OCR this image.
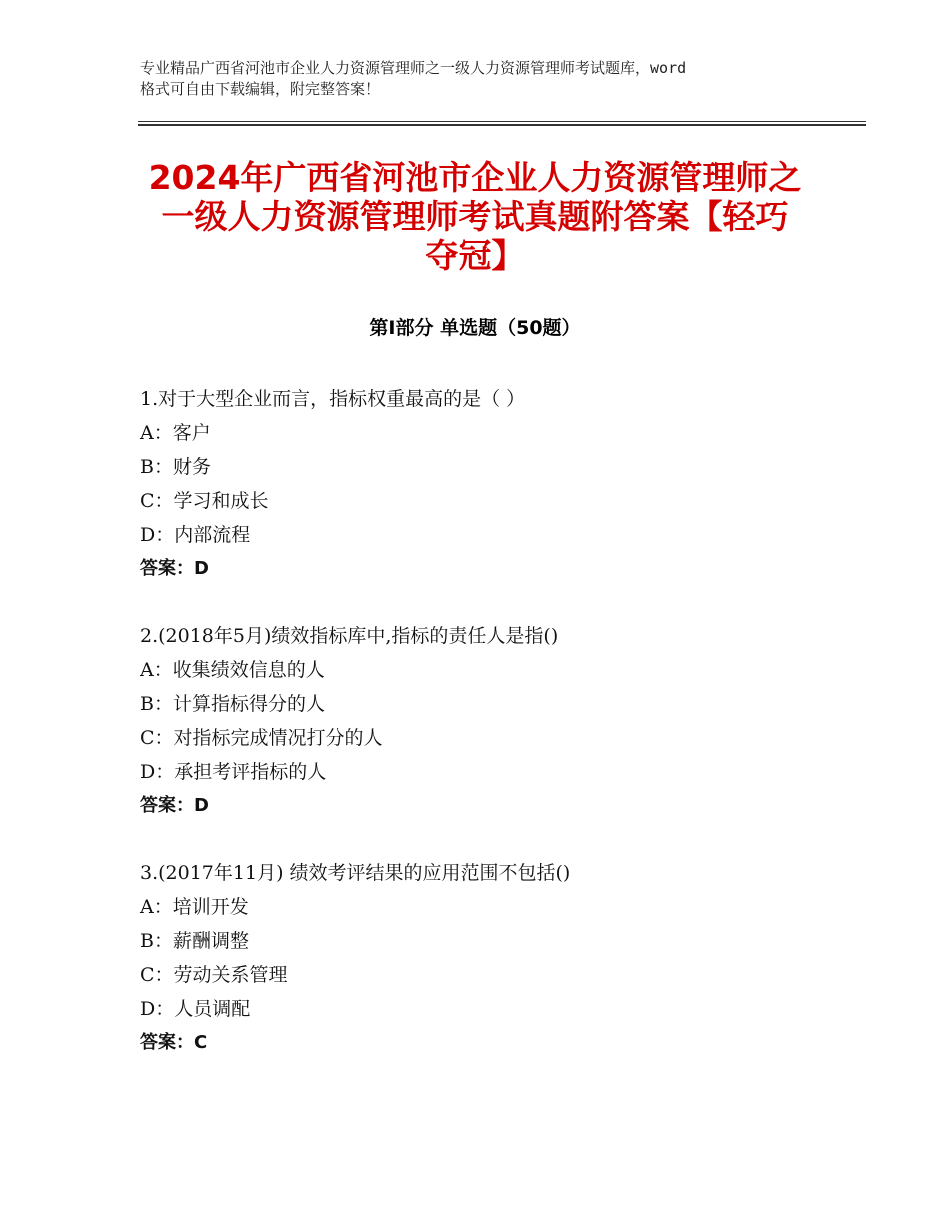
专业精品广西省河池市企业人力资源管理师之一级人力资源管理师考试题库，word
格式可自由下载编辑，附完整答案！
2024年广西省河池市企业人力资源管理师之
一级人力资源管理师考试真题附答案【轻巧
夺冠】
第Ⅰ部分 单选题（50题）
1.对于大型企业而言，指标权重最高的是（ ）
A：客户
B：财务
C：学习和成长
D：内部流程
答案：D
2.(2018年5月)绩效指标库中,指标的责任人是指()
A：收集绩效信息的人
B：计算指标得分的人
C：对指标完成情况打分的人
D：承担考评指标的人
答案：D
3.(2017年11月) 绩效考评结果的应用范围不包括()
A：培训开发
B：薪酬调整
C：劳动关系管理
D：人员调配
答案：C
